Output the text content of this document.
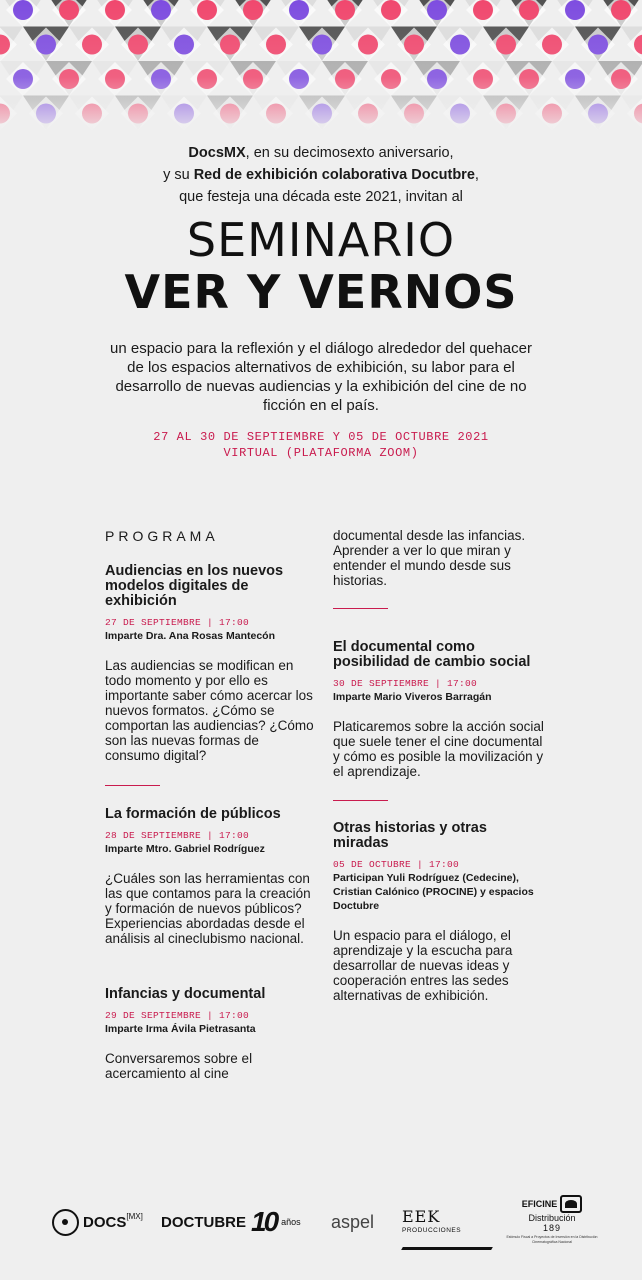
DocsMX, en su decimosexto aniversario,
y su Red de exhibición colaborativa Docutbre,
que festeja una década este 2021, invitan al
SEMINARIO
VER Y VERNOS
un espacio para la reflexión y el diálogo alrededor del quehacer de los espacios alternativos de exhibición, su labor para el desarrollo de nuevas audiencias y la exhibición del cine de no ficción en el país.
27 AL 30 DE SEPTIEMBRE Y 05 DE OCTUBRE 2021
VIRTUAL (PLATAFORMA ZOOM)
PROGRAMA
Audiencias en los nuevos modelos digitales de exhibición
27 DE SEPTIEMBRE | 17:00
Imparte Dra. Ana Rosas Mantecón
Las audiencias se modifican en todo momento y por ello es importante saber cómo acercar los nuevos formatos. ¿Cómo se comportan las audiencias? ¿Cómo son las nuevas formas de consumo digital?
La formación de públicos
28 DE SEPTIEMBRE | 17:00
Imparte Mtro. Gabriel Rodríguez
¿Cuáles son las herramientas con las que contamos para la creación y formación de nuevos públicos? Experiencias abordadas desde el análisis al cineclubismo nacional.
Infancias y documental
29 DE SEPTIEMBRE | 17:00
Imparte Irma Ávila Pietrasanta
Conversaremos sobre el acercamiento al cine
documental desde las infancias. Aprender a ver lo que miran y entender el mundo desde sus historias.
El documental como posibilidad de cambio social
30 DE SEPTIEMBRE | 17:00
Imparte Mario Viveros Barragán
Platicaremos sobre la acción social que suele tener el cine documental y cómo es posible la movilización y el aprendizaje.
Otras historias y otras miradas
05 DE OCTUBRE | 17:00
Participan Yuli Rodríguez (Cedecine), Cristian Calónico (PROCINE) y espacios Doctubre
Un espacio para el diálogo, el aprendizaje y la escucha para desarrollar de nuevas ideas y cooperación entres las sedes alternativas de exhibición.
DOCS [MX] DOCTUBRE 10 años aspel EEK $^{PRODUCCIONES}$
EFICINE
Distribución
189
Estímulo Fiscal a Proyectos de Inversión en la Distribución Cinematográfica Nacional
